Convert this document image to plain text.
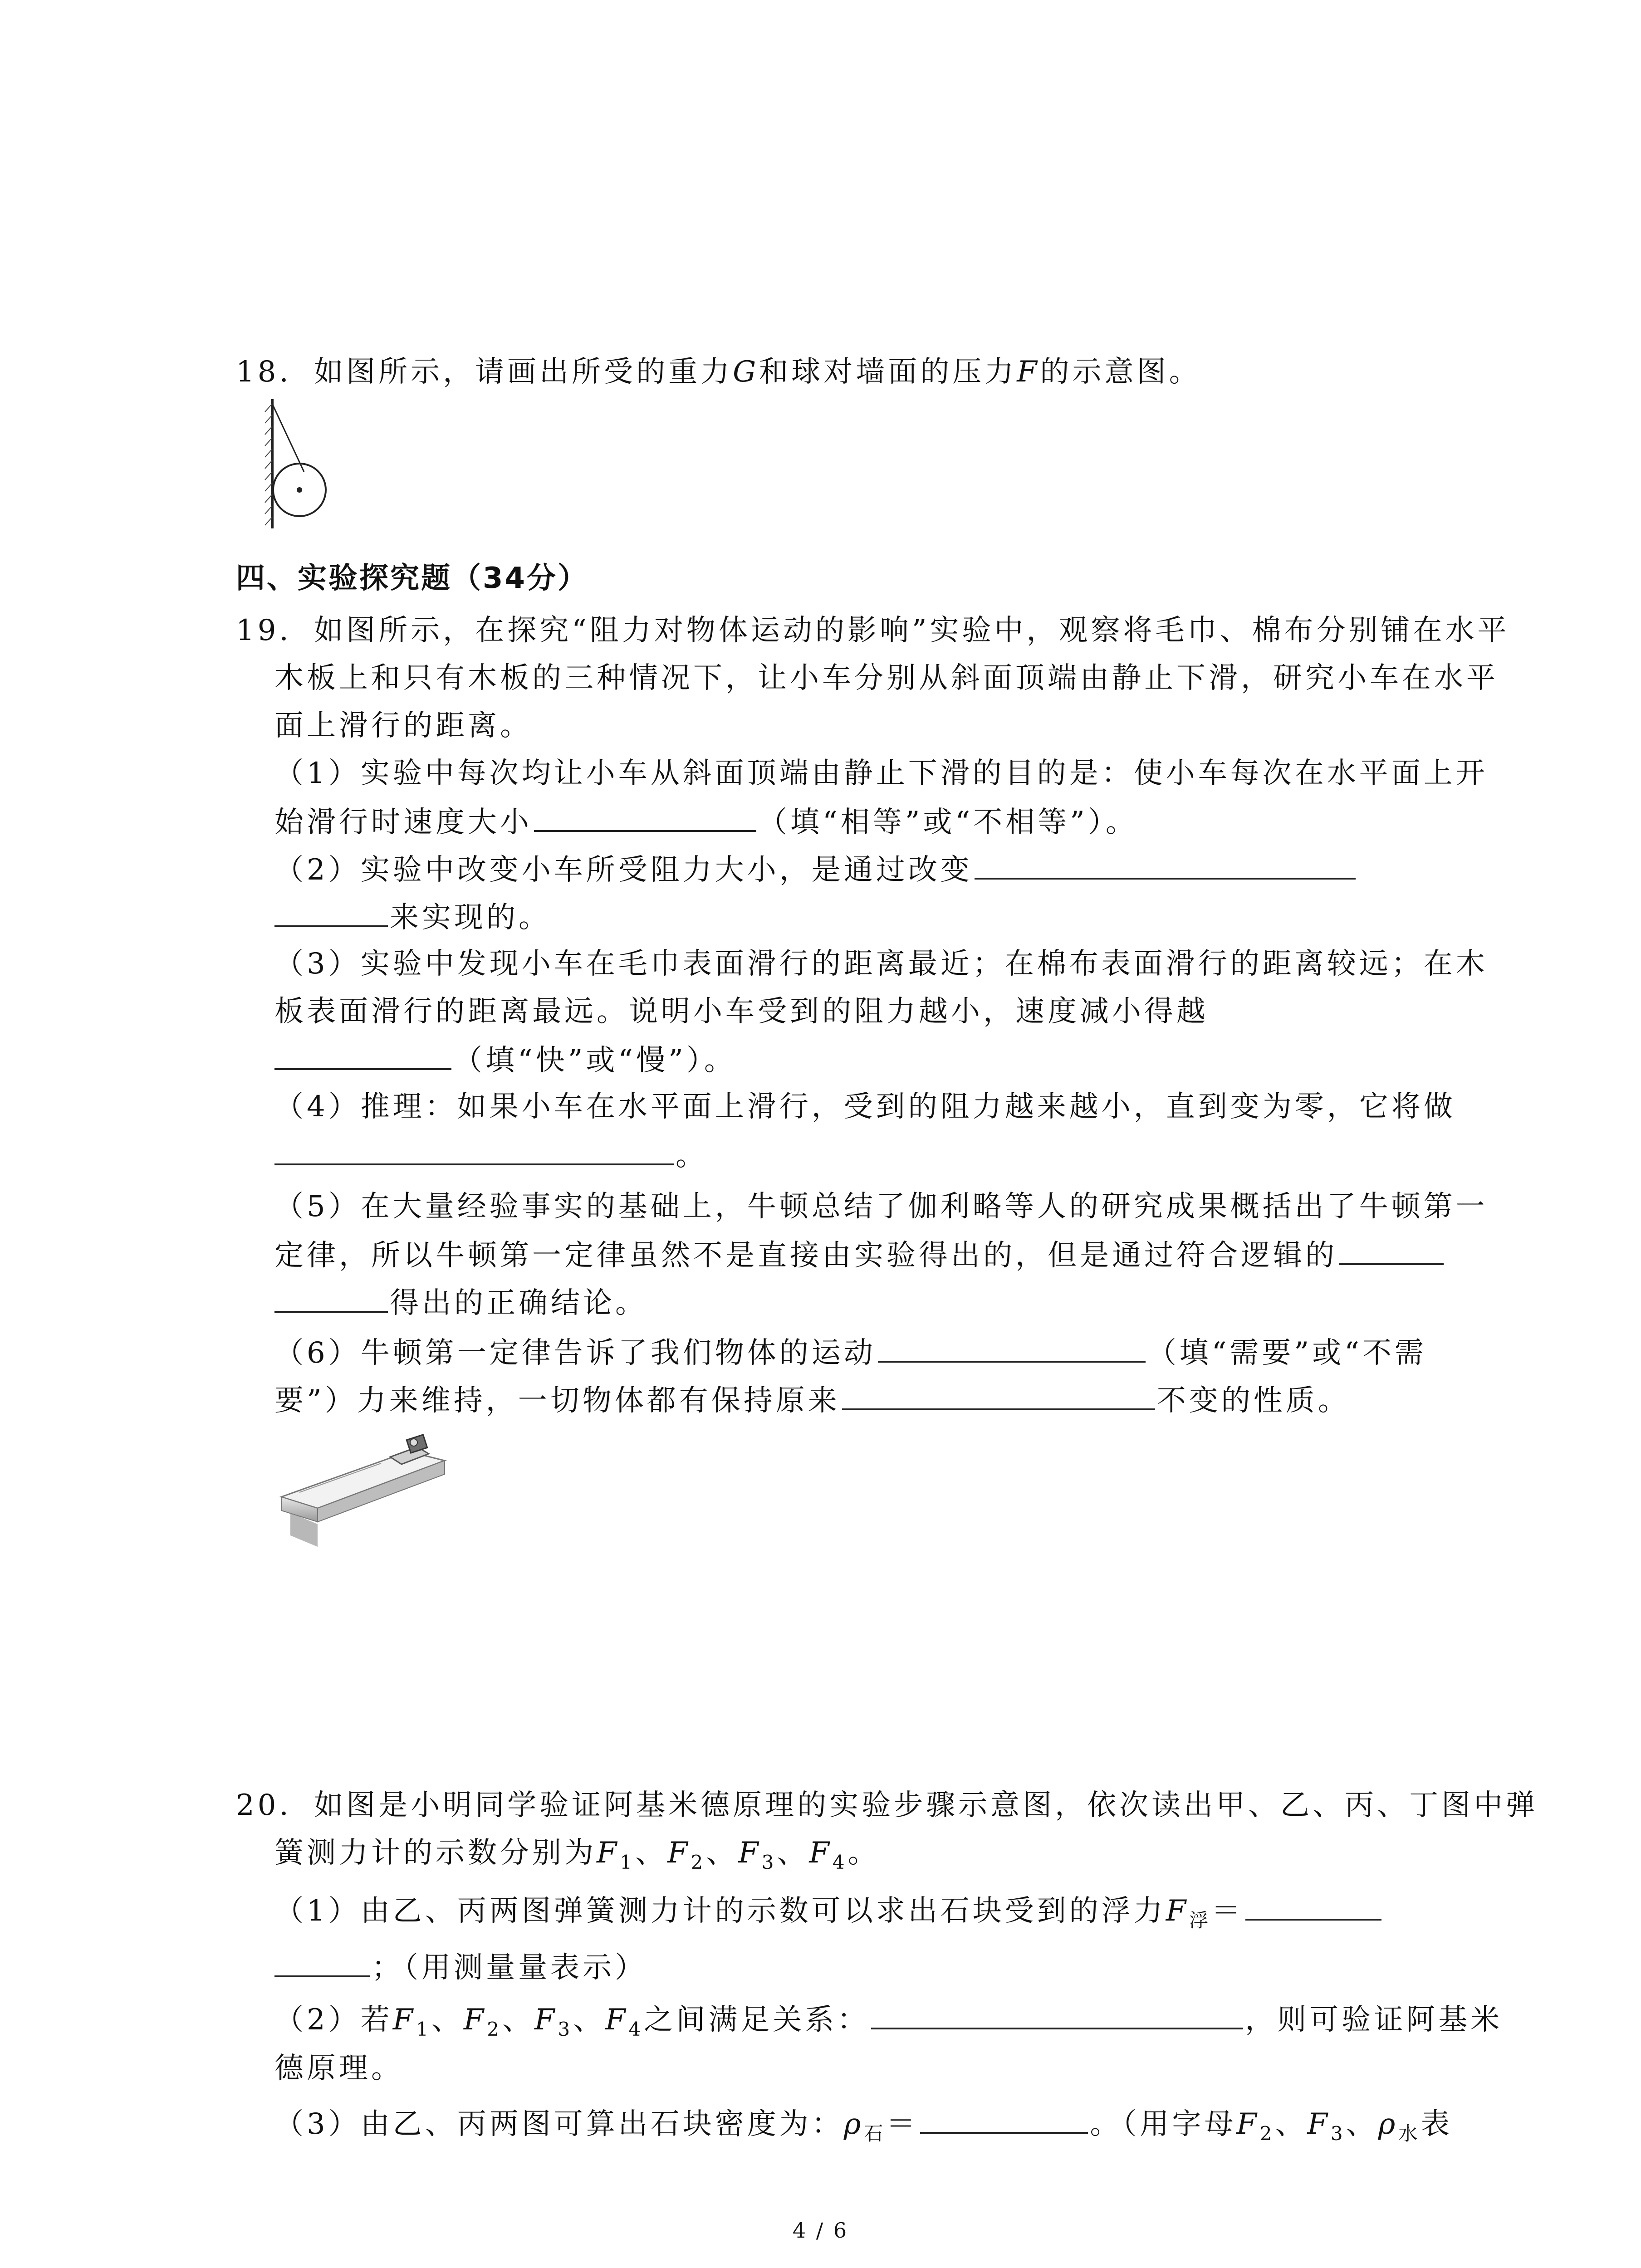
18. 如图所示，请画出所受的重力G和球对墙面的压力F的示意图。
四、实验探究题（34分）
19. 如图所示，在探究“阻力对物体运动的影响”实验中，观察将毛巾、棉布分别铺在水平
木板上和只有木板的三种情况下，让小车分别从斜面顶端由静止下滑，研究小车在水平
面上滑行的距离。
（1）实验中每次均让小车从斜面顶端由静止下滑的目的是：使小车每次在水平面上开
始滑行时速度大小	（填“相等”或“不相等”）。
（2）实验中改变小车所受阻力大小，是通过改变
来实现的。
（3）实验中发现小车在毛巾表面滑行的距离最近；在棉布表面滑行的距离较远；在木
板表面滑行的距离最远。说明小车受到的阻力越小，速度减小得越
（填“快”或“慢”）。
（4）推理：如果小车在水平面上滑行，受到的阻力越来越小，直到变为零，它将做
。
（5）在大量经验事实的基础上，牛顿总结了伽利略等人的研究成果概括出了牛顿第一
定律，所以牛顿第一定律虽然不是直接由实验得出的，但是通过符合逻辑的
得出的正确结论。
（6）牛顿第一定律告诉了我们物体的运动	（填“需要”或“不需
要”）力来维持，一切物体都有保持原来	不变的性质。
20. 如图是小明同学验证阿基米德原理的实验步骤示意图，依次读出甲、乙、丙、丁图中弹
簧测力计的示数分别为$F_1$、$F_2$、$F_3$、$F_4$。
（1）由乙、丙两图弹簧测力计的示数可以求出石块受到的浮力$F_浮=$
；（用测量量表示）
（2）若$F_1$、$F_2$、$F_3$、$F_4$之间满足关系：	，则可验证阿基米
德原理。
（3）由乙、丙两图可算出石块密度为：$\rho_石=$	。（用字母$F_2$、$F_3$、$\rho_水$表
4 / 6
